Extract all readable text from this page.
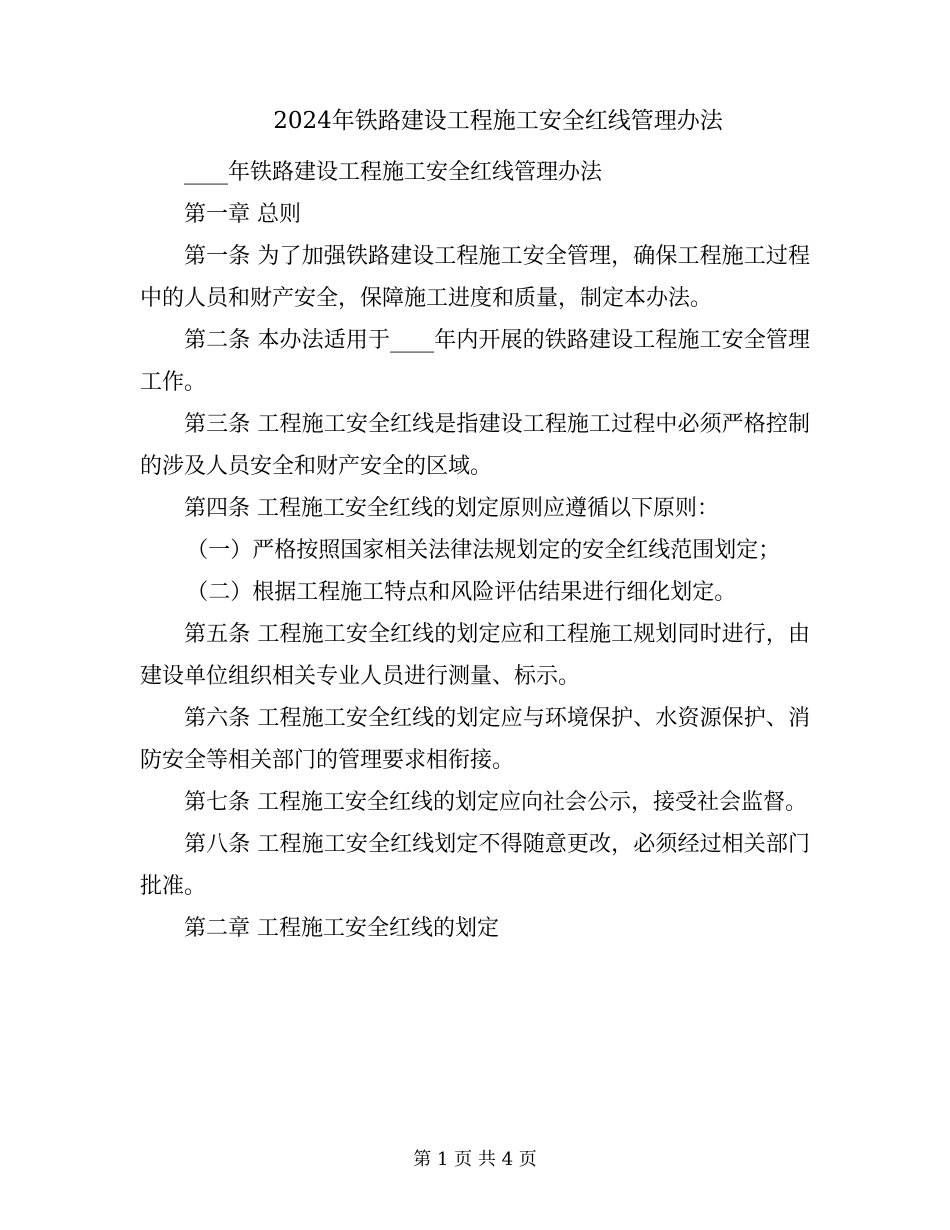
2024年铁路建设工程施工安全红线管理办法

____年铁路建设工程施工安全红线管理办法

第一章 总则

第一条 为了加强铁路建设工程施工安全管理，确保工程施工过程中的人员和财产安全，保障施工进度和质量，制定本办法。

第二条 本办法适用于____年内开展的铁路建设工程施工安全管理工作。

第三条 工程施工安全红线是指建设工程施工过程中必须严格控制的涉及人员安全和财产安全的区域。

第四条 工程施工安全红线的划定原则应遵循以下原则：

（一）严格按照国家相关法律法规划定的安全红线范围划定；

（二）根据工程施工特点和风险评估结果进行细化划定。

第五条 工程施工安全红线的划定应和工程施工规划同时进行，由建设单位组织相关专业人员进行测量、标示。

第六条 工程施工安全红线的划定应与环境保护、水资源保护、消防安全等相关部门的管理要求相衔接。

第七条 工程施工安全红线的划定应向社会公示，接受社会监督。

第八条 工程施工安全红线划定不得随意更改，必须经过相关部门批准。

第二章 工程施工安全红线的划定

第 1 页 共 4 页
